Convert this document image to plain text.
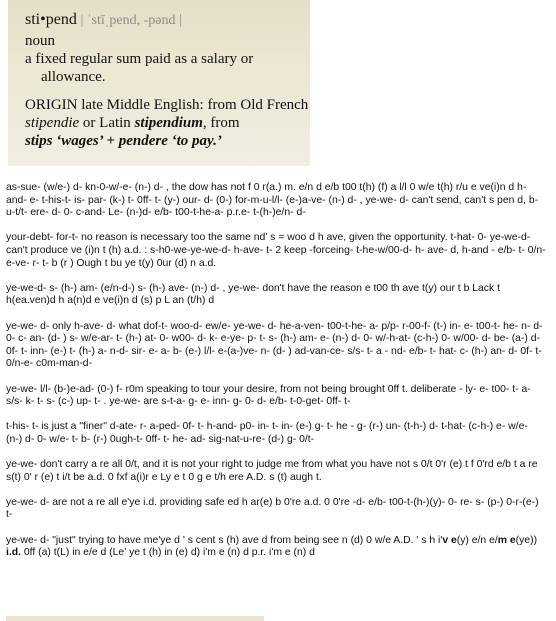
sti•pend | ˈstīˌpend, -pənd |
noun
a fixed regular sum paid as a salary or
allowance.
ORIGIN late Middle English: from Old French stipendie or Latin stipendium, from
stips ‘wages’ + pendere ‘to pay.’

as-sue- (w/e-) d- kn-0-w/-e- (n-) d- , the dow has not f 0 r(a.) m. e/n d e/b t00 t(h) (f) a l/l 0 w/e t(h) r/u e ve(i)n d h-and- e- t-his-t- is- par- (k-) t- 0ff- t- (y-) our- d- (0-) for-m-u-l/l- (e-)a-ve- (n-) d- , ye-we- d- can't send, can't s pen d, b-u-t/t- ere- d- 0- c-and- Le- (n-)d- e/b- t00-t-he-a- p.r.e- t-(h-)e/n- d-

your-debt- for-t- no reason is necessary too the same nd' s = woo d h ave, given the opportunity. t-hat- 0- ye-we-d- can't produce ve (i)n t (h) a.d. : s-h0-we-ye-we-d- h-ave- t- 2 keep -forceing- t-he-w/00-d- h- ave- d, h-and - e/b- t- 0/n- e-ve- r- t- b (r ) Ough t bu ye t(y) 0ur (d) n a.d.

ye-we-d- s- (h-) am- (e/n-d-) s- (h-) ave- (n-) d- , ye-we- don't have the reason e t00 th ave t(y) our t b Lack t h(ea.ven)d h a(n)d e ve(i)n d (s) p L an (t/h) d

ye-we- d- only h-ave- d- what dof-t- woo-d- ew/e- ye-we- d- he-a-ven- t00-t-he- a- p/p- r-00-f- (t-) in- e- t00-t- he- n- d- 0- c- an- (d- ) s- w/e-ar- t- (h-) at- 0- w00- d- k- e-ye- p- t- s- (h-) am- e- (n-) d- 0- w/-h-at- (c-h-) 0- w/00- d- be- (a-) d- 0f- t- inn- (e-) t- (h-) a- n-d- sir- e- a- b- (e-) l/l- e-(a-)ve- n- (d- ) ad-van-ce- s/s- t- a - nd- e/b- t- hat- c- (h-) an- d- 0f- t- 0/n-e- c0m-man-d-

ye-we- l/l- (b-)e-ad- (0-) f- r0m speaking to tour your desire, from not being brought 0ff t. deliberate - ly- e- t00- t- a- s/s- k- t- s- (c-) up- t- . ye-we- are s-t-a- g- e- inn- g- 0- d- e/b- t-0-get- 0ff- t-

t-his- t- is just a "finer" d-ate- r- a-ped- 0f- t- h-and- p0- in- t- in- (e-) g- t- he - g- (r-) un- (t-h-) d- t-hat- (c-h-) e- w/e- (n-) d- 0- w/e- t- b- (r-) 0ugh-t- 0ff- t- he- ad- sig-nat-u-re- (d-) g- 0/t-

ye-we- don't carry a re all 0/t, and it is not your right to judge me from what you have not s 0/t 0'r (e) t f 0'rd e/b t a re s(t) 0' r (e) t i/t be a.d. 0 fxf a(i)r e Ly e t 0 g e t/h ere A.D. s (t) augh t.

ye-we- d- are not a re all e'ye i.d. providing safe ed h ar(e) b 0're a.d. 0 0're -d- e/b- t00-t-(h-)(y)- 0- re- s- (p-) 0-r-(e-) t-

ye-we- d- "just" trying to have me'ye d ' s cent s (h) ave d from being see n (d) 0 w/e A.D. ' s h i'v e(y) e/n e/m e(ye)) i.d. 0ff (a) t(L) in e/e d (Le' ye t (h) in (e) d) i'm e (n) d p.r. i'm e (n) d
